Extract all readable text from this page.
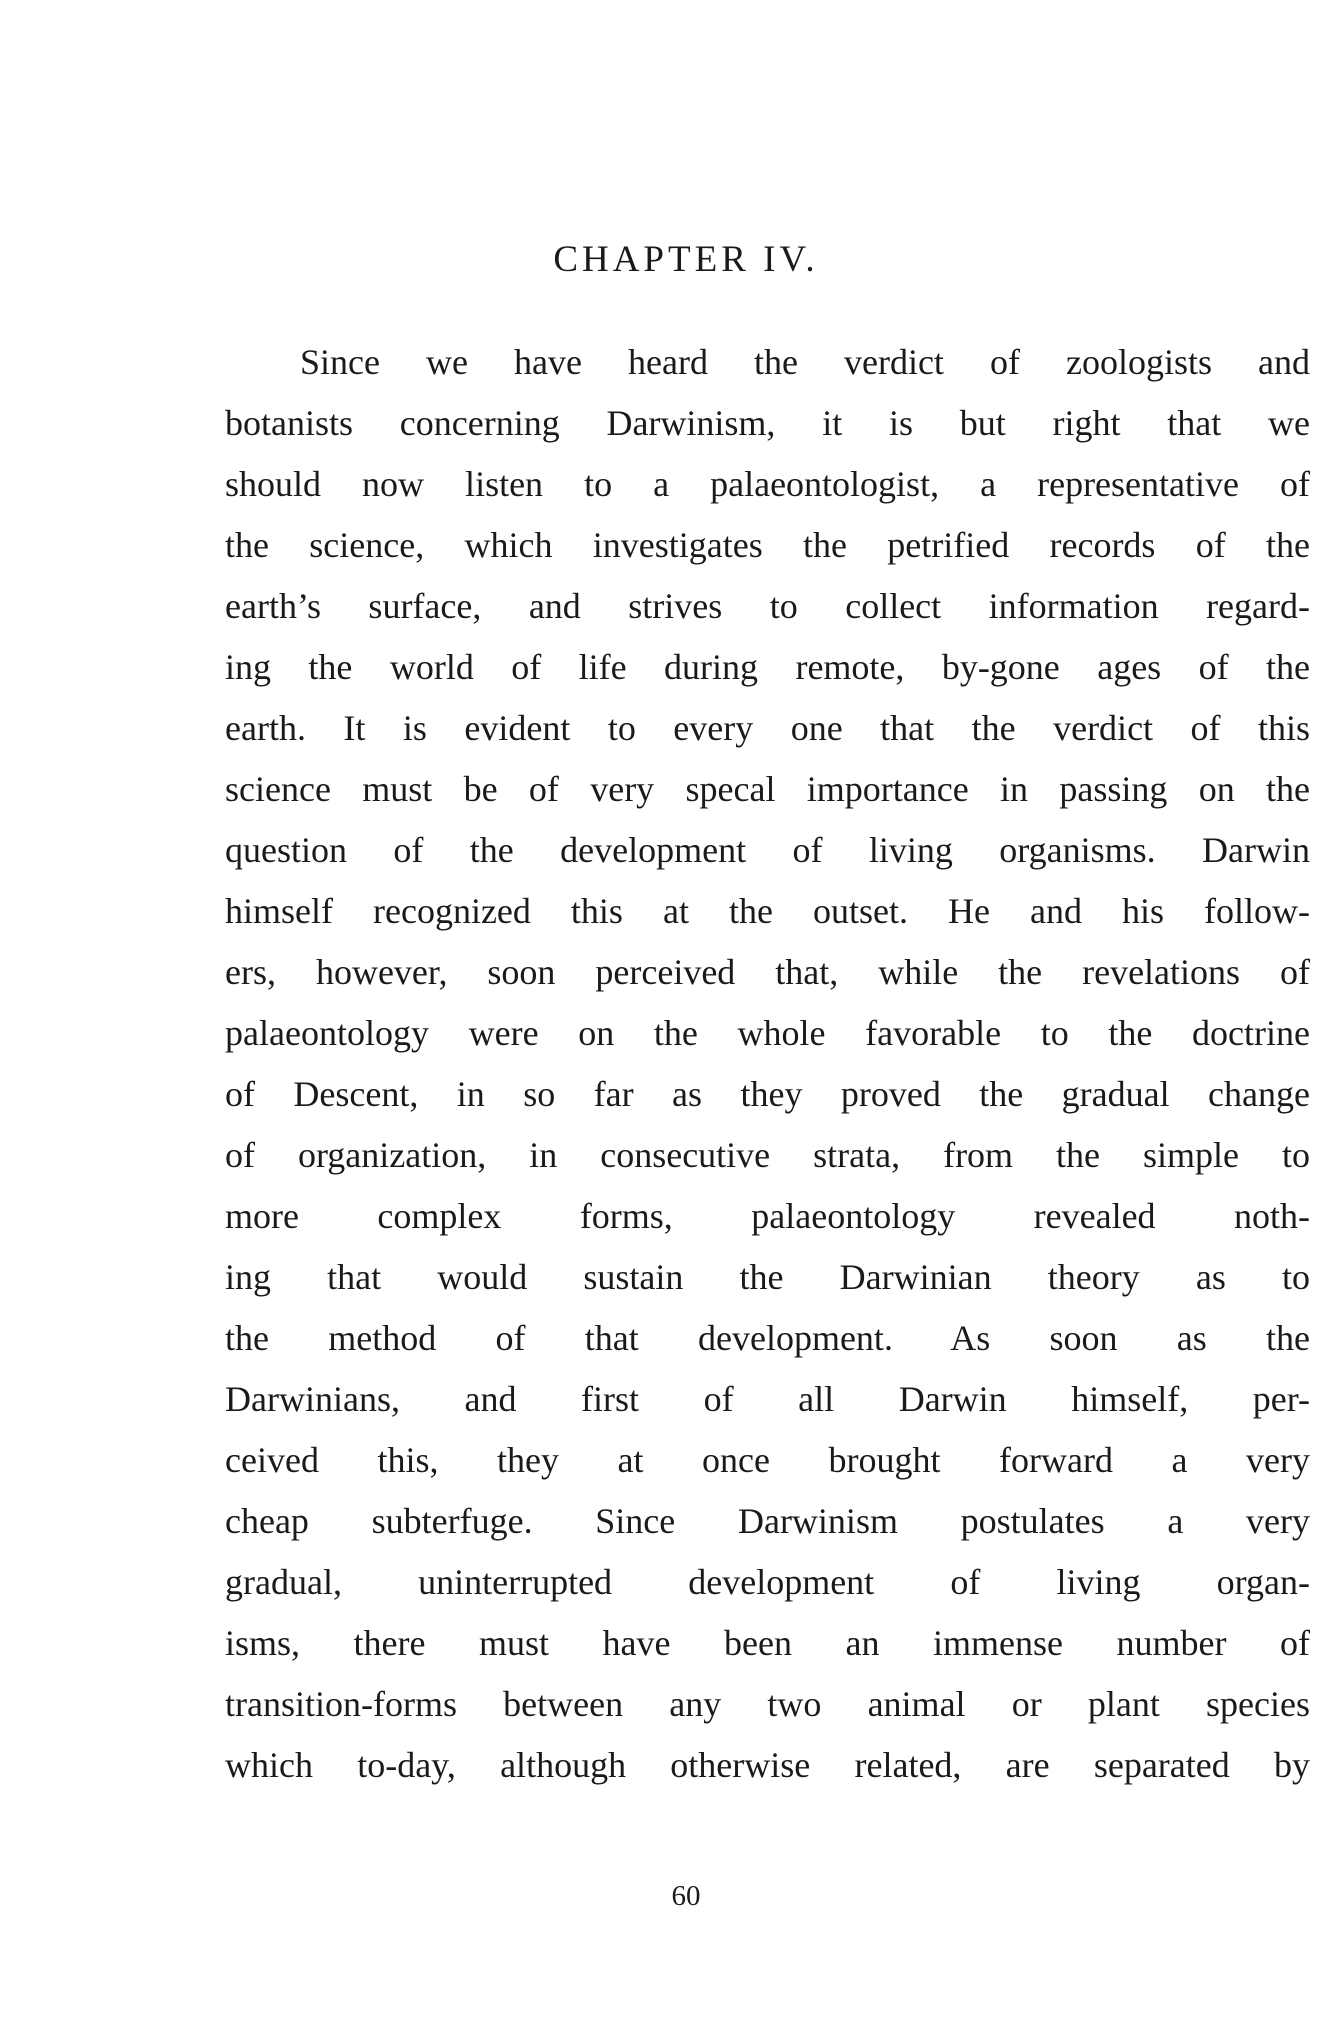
CHAPTER IV.
Since we have heard the verdict of zoologists and
botanists concerning Darwinism, it is but right that we
should now listen to a palaeontologist, a representative of
the science, which investigates the petrified records of the
earth’s surface, and strives to collect information regard-
ing the world of life during remote, by-gone ages of the
earth. It is evident to every one that the verdict of this
science must be of very specal importance in passing on the
question of the development of living organisms. Darwin
himself recognized this at the outset. He and his follow-
ers, however, soon perceived that, while the revelations of
palaeontology were on the whole favorable to the doctrine
of Descent, in so far as they proved the gradual change
of organization, in consecutive strata, from the simple to
more complex forms, palaeontology revealed noth-
ing that would sustain the Darwinian theory as to
the method of that development. As soon as the
Darwinians, and first of all Darwin himself, per-
ceived this, they at once brought forward a very
cheap subterfuge. Since Darwinism postulates a very
gradual, uninterrupted development of living organ-
isms, there must have been an immense number of
transition-forms between any two animal or plant species
which to-day, although otherwise related, are separated by
60
